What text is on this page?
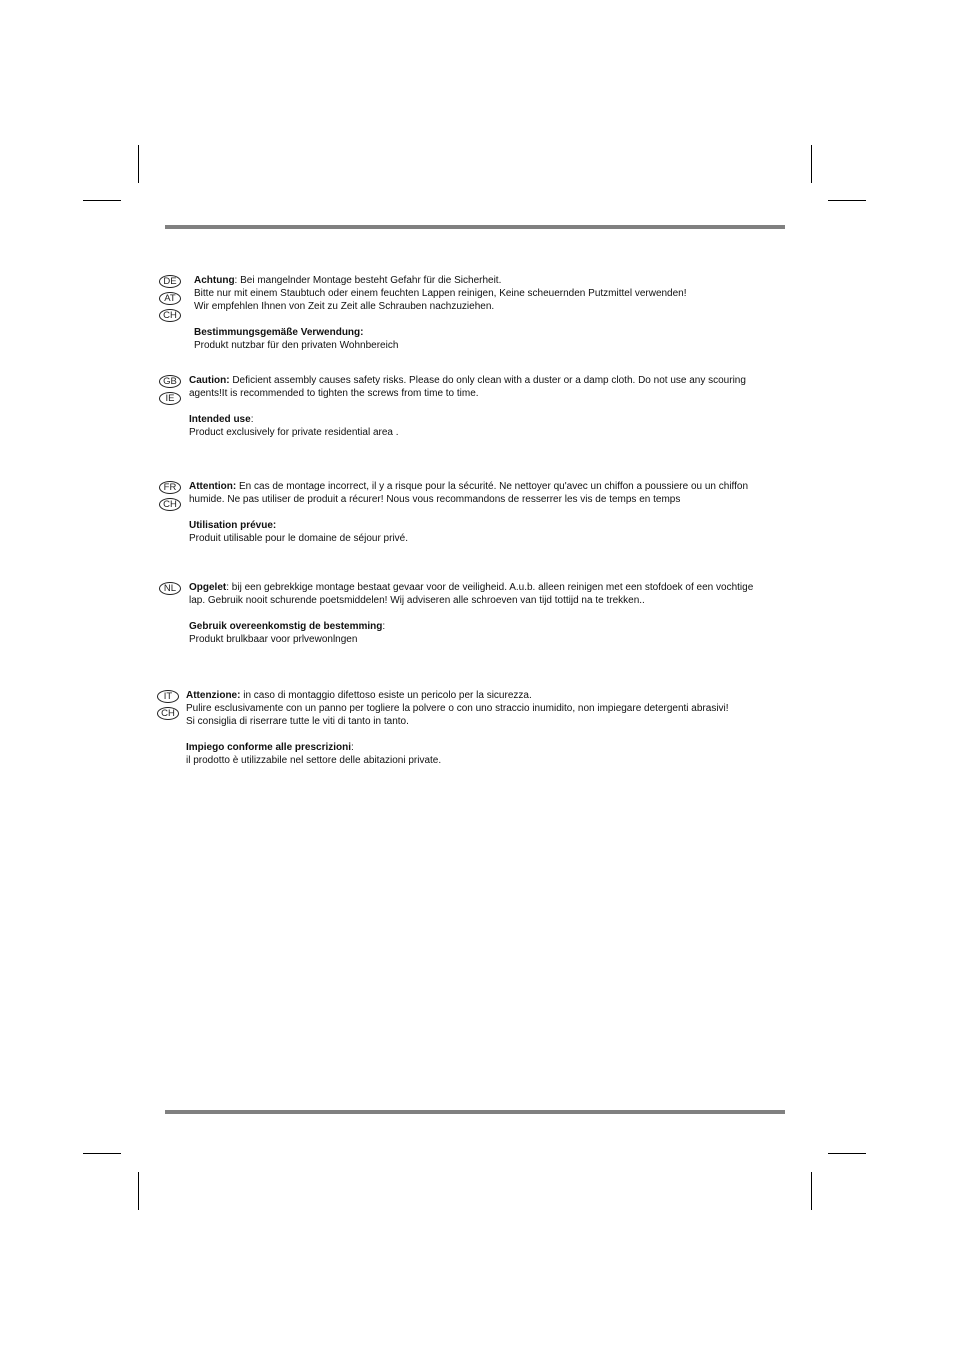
DE
AT
CH

Achtung: Bei mangelnder Montage besteht Gefahr für die Sicherheit.

Bitte nur mit einem Staubtuch oder einem feuchten Lappen reinigen, Keine scheuernden Putzmittel verwenden!

Wir empfehlen Ihnen von Zeit zu Zeit alle Schrauben nachzuziehen.

Bestimmungsgemäße Verwendung:

Produkt nutzbar für den privaten Wohnbereich

GB
IE

Caution: Deficient assembly causes safety risks. Please do only clean with a duster or a damp cloth. Do not use any scouring

agents!It is recommended to tighten the screws from time to time.

Intended use:

Product exclusively for private residential area .

FR
CH

Attention: En cas de montage incorrect, il y a risque pour la sécurité. Ne nettoyer qu'avec un chiffon a poussiere ou un chiffon

humide. Ne pas utiliser de produit a récurer! Nous vous recommandons de resserrer les vis de temps en temps

Utilisation prévue:

Produit utilisable pour le domaine de séjour privé.

NL	Opgelet: bij een gebrekkige montage bestaat gevaar voor de veiligheid. A.u.b. alleen reinigen met een stofdoek of een vochtige

lap. Gebruik nooit schurende poetsmiddelen! Wij adviseren alle schroeven van tijd tottijd na te trekken..

Gebruik overeenkomstig de bestemming:

Produkt brulkbaar voor prlvewonlngen

IT
CH

Attenzione: in caso di montaggio difettoso esiste un pericolo per la sicurezza.

Pulire esclusivamente con un panno per togliere la polvere o con uno straccio inumidito, non impiegare detergenti abrasivi!

Si consiglia di riserrare tutte le viti di tanto in tanto.

Impiego conforme alle prescrizioni:

il prodotto è utilizzabile nel settore delle abitazioni private.
